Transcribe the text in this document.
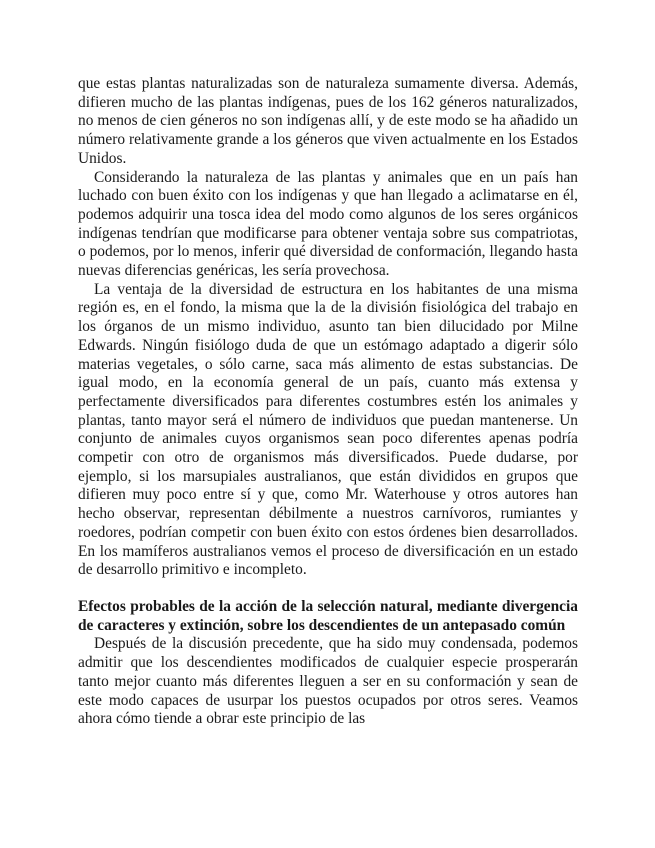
que estas plantas naturalizadas son de naturaleza sumamente diversa. Además, difieren mucho de las plantas indígenas, pues de los 162 géneros naturalizados, no menos de cien géneros no son indígenas allí, y de este modo se ha añadido un número relativamente grande a los géneros que viven actualmente en los Estados Unidos.

Considerando la naturaleza de las plantas y animales que en un país han luchado con buen éxito con los indígenas y que han llegado a aclimatarse en él, podemos adquirir una tosca idea del modo como algunos de los seres orgánicos indígenas tendrían que modificarse para obtener ventaja sobre sus compatriotas, o podemos, por lo menos, inferir qué diversidad de conformación, llegando hasta nuevas diferencias genéricas, les sería provechosa.

La ventaja de la diversidad de estructura en los habitantes de una misma región es, en el fondo, la misma que la de la división fisiológica del trabajo en los órganos de un mismo individuo, asunto tan bien dilucidado por Milne Edwards. Ningún fisiólogo duda de que un estómago adaptado a digerir sólo materias vegetales, o sólo carne, saca más alimento de estas substancias. De igual modo, en la economía general de un país, cuanto más extensa y perfectamente diversificados para diferentes costumbres estén los animales y plantas, tanto mayor será el número de individuos que puedan mantenerse. Un conjunto de animales cuyos organismos sean poco diferentes apenas podría competir con otro de organismos más diversificados. Puede dudarse, por ejemplo, si los marsupiales australianos, que están divididos en grupos que difieren muy poco entre sí y que, como Mr. Waterhouse y otros autores han hecho observar, representan débilmente a nuestros carnívoros, rumiantes y roedores, podrían competir con buen éxito con estos órdenes bien desarrollados. En los mamíferos australianos vemos el proceso de diversificación en un estado de desarrollo primitivo e incompleto.

Efectos probables de la acción de la selección natural, mediante divergencia de caracteres y extinción, sobre los descendientes de un antepasado común

Después de la discusión precedente, que ha sido muy condensada, podemos admitir que los descendientes modificados de cualquier especie prosperarán tanto mejor cuanto más diferentes lleguen a ser en su conformación y sean de este modo capaces de usurpar los puestos ocupados por otros seres. Veamos ahora cómo tiende a obrar este principio de las
